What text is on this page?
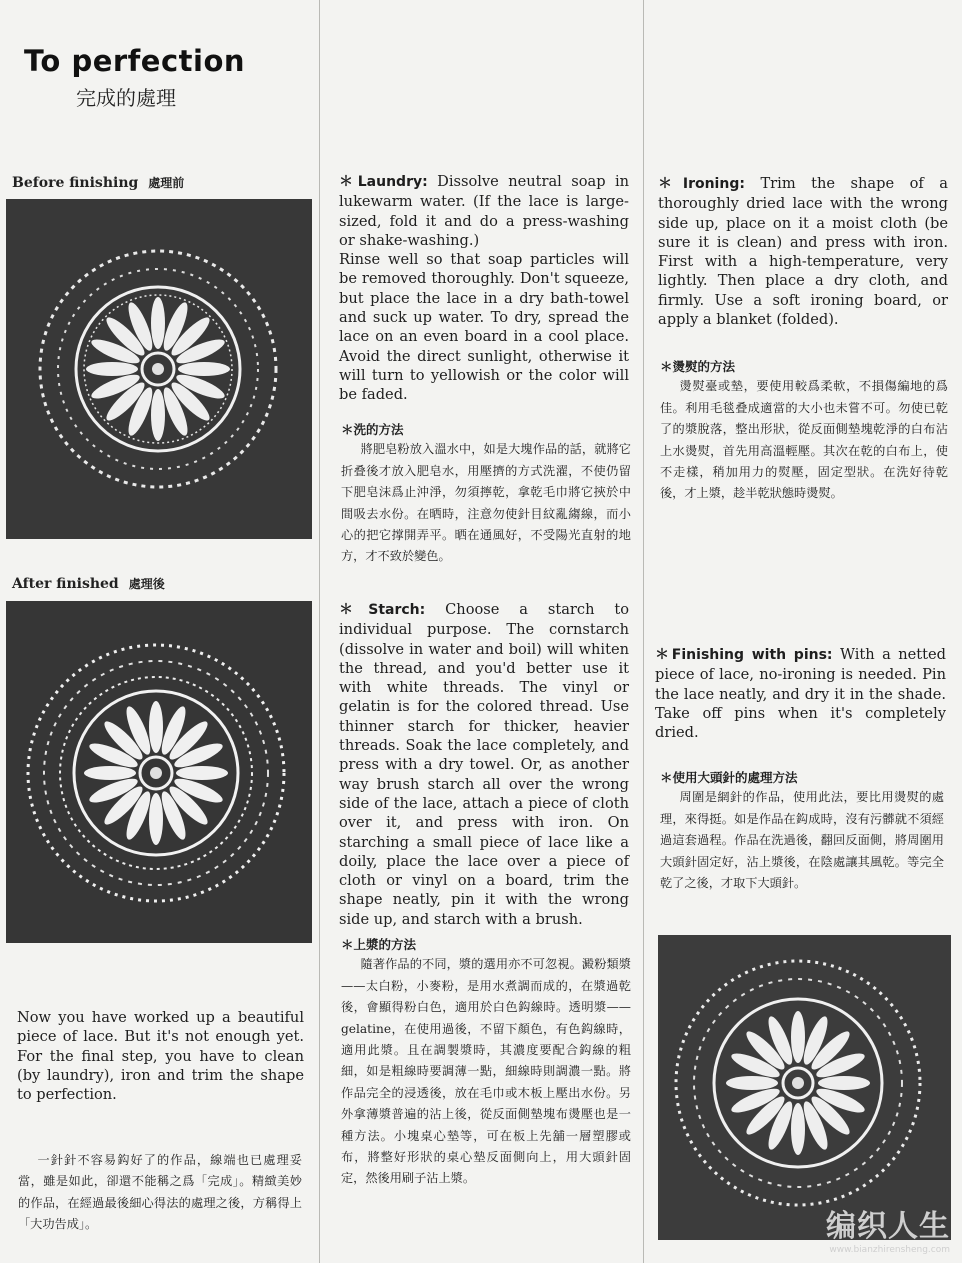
To perfection
完成的處理
Before finishing 處理前
After finished 處理後

Now you have worked up a beautiful piece of lace. But it's not enough yet. For the final step, you have to clean (by laundry), iron and trim the shape to perfection.

一針針不容易鈎好了的作品，線端也已處理妥當，雖是如此，卻還不能稱之爲「完成」。精緻美妙的作品，在經過最後細心得法的處理之後，方稱得上「大功告成」。

＊Laundry: Dissolve neutral soap in lukewarm water. (If the lace is large-sized, fold it and do a press-washing or shake-washing.)

Rinse well so that soap particles will be removed thoroughly. Don't squeeze, but place the lace in a dry bath-towel and suck up water. To dry, spread the lace on an even board in a cool place. Avoid the direct sunlight, otherwise it will turn to yellowish or the color will be faded.

＊洗的方法

將肥皂粉放入溫水中，如是大塊作品的話，就將它折叠後才放入肥皂水，用壓擠的方式洗濯，不使仍留下肥皂沫爲止沖淨，勿須擰乾，拿乾毛巾將它挾於中間吸去水份。在晒時，注意勿使針目紋亂縐線，而小心的把它撑開弄平。晒在通風好，不受陽光直射的地方，才不致於變色。

＊Starch: Choose a starch to individual purpose. The cornstarch (dissolve in water and boil) will whiten the thread, and you'd better use it with white threads. The vinyl or gelatin is for the colored thread. Use thinner starch for thicker, heavier threads. Soak the lace completely, and press with a dry towel. Or, as another way brush starch all over the wrong side of the lace, attach a piece of cloth over it, and press with iron. On starching a small piece of lace like a doily, place the lace over a piece of cloth or vinyl on a board, trim the shape neatly, pin it with the wrong side up, and starch with a brush.

＊上漿的方法

隨著作品的不同，漿的選用亦不可忽視。澱粉類漿——太白粉，小麥粉，是用水煮調而成的，在漿過乾後，會顯得粉白色，適用於白色鈎線時。透明漿——gelatine，在使用過後，不留下顏色，有色鈎線時，適用此漿。且在調製漿時，其濃度要配合鈎線的粗細，如是粗線時要調薄一點，細線時則調濃一點。將作品完全的浸透後，放在毛巾或木板上壓出水份。另外拿薄漿普遍的沾上後，從反面側墊塊布燙壓也是一種方法。小塊桌心墊等，可在板上先舖一層塑膠或布，將整好形狀的桌心墊反面側向上，用大頭針固定，然後用刷子沾上漿。

＊Ironing: Trim the shape of a thoroughly dried lace with the wrong side up, place on it a moist cloth (be sure it is clean) and press with iron. First with a high-temperature, very lightly. Then place a dry cloth, and firmly. Use a soft ironing board, or apply a blanket (folded).

＊燙熨的方法

燙熨臺或墊，要使用較爲柔軟，不損傷編地的爲佳。利用毛毯叠成適當的大小也未嘗不可。勿使已乾了的漿脫落，整出形狀，從反面側墊塊乾淨的白布沾上水燙熨，首先用高溫輕壓。其次在乾的白布上，使不走樣，稍加用力的熨壓，固定型狀。在洗好待乾後，才上漿，趁半乾狀態時燙熨。

＊Finishing with pins: With a netted piece of lace, no-ironing is needed. Pin the lace neatly, and dry it in the shade. Take off pins when it's completely dried.

＊使用大頭針的處理方法

周圍是網針的作品，使用此法，要比用燙熨的處理，來得挺。如是作品在鈎成時，沒有污髒就不須經過這套過程。作品在洗過後，翻回反面側，將周圍用大頭針固定好，沾上漿後，在陰處讓其風乾。等完全乾了之後，才取下大頭針。

编织人生
www.bianzhirensheng.com
